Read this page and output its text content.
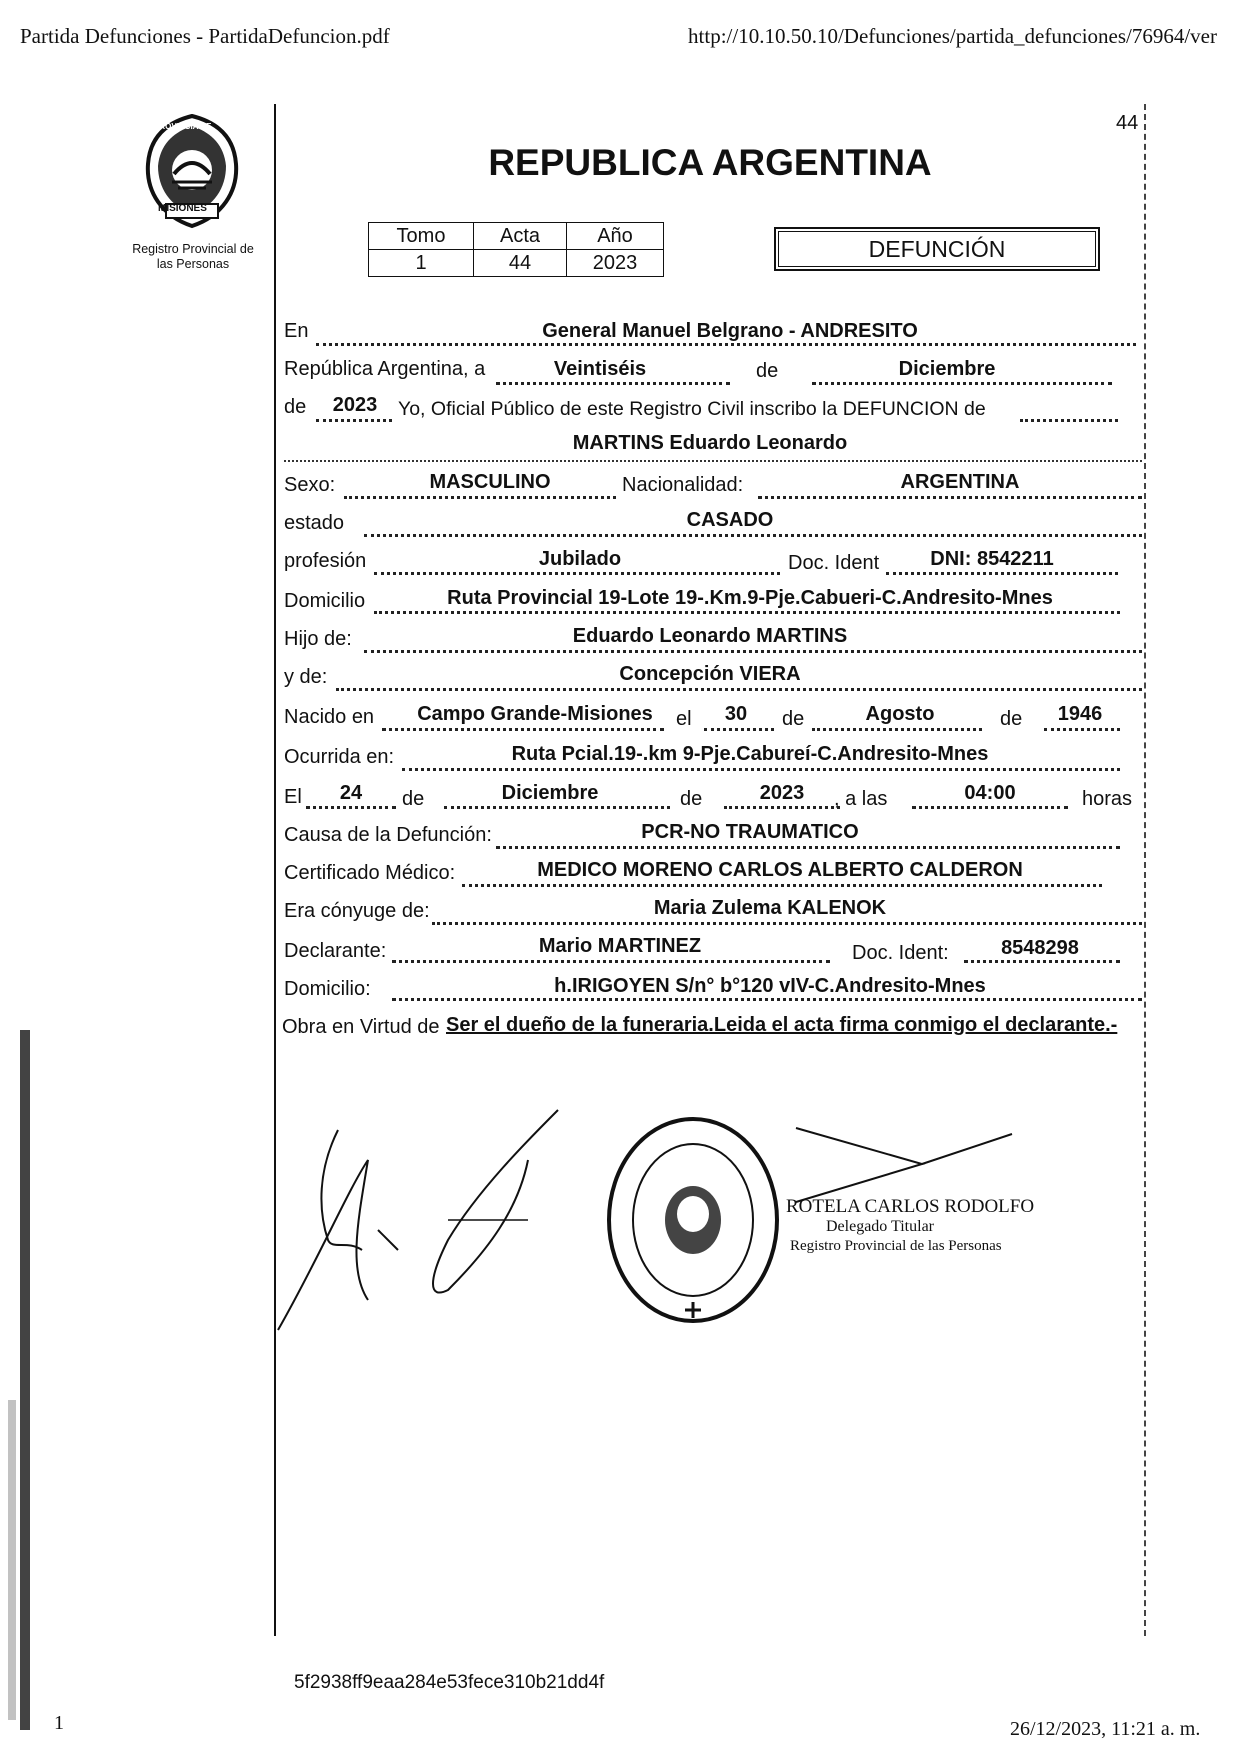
Partida Defunciones - PartidaDefuncion.pdf	http://10.10.50.10/Defunciones/partida_defunciones/76964/ver
44
PROVINCIA DE
MISIONES
Registro Provincial de
las Personas
REPUBLICA ARGENTINA
Tomo	Acta	Año
1	44	2023
DEFUNCIÓN
En	General Manuel Belgrano - ANDRESITO
República Argentina, a	Veintiséis	de	Diciembre
de	2023	Yo, Oficial Público de este Registro Civil inscribo la DEFUNCION de
MARTINS Eduardo Leonardo
Sexo:	MASCULINO	Nacionalidad:	ARGENTINA
estado	CASADO
profesión	Jubilado	Doc. Ident	DNI: 8542211
Domicilio	Ruta Provincial 19-Lote 19-.Km.9-Pje.Cabueri-C.Andresito-Mnes
Hijo de:	Eduardo Leonardo MARTINS
y de:	Concepción VIERA
Nacido en	Campo Grande-Misiones	el	30	de	Agosto	de	1946
Ocurrida en:	Ruta Pcial.19-.km 9-Pje.Cabureí-C.Andresito-Mnes
El	24	de	Diciembre	de	2023	, a las	04:00	horas
Causa de la Defunción:	PCR-NO TRAUMATICO
Certificado Médico:	MEDICO MORENO CARLOS ALBERTO CALDERON
Era cónyuge de:	Maria Zulema KALENOK
Declarante:	Mario MARTINEZ	Doc. Ident:	8548298
Domicilio:	h.IRIGOYEN S/n° b°120 vIV-C.Andresito-Mnes
Obra en Virtud de Ser el dueño de la funeraria.Leida el acta firma conmigo el declarante.-
ROTELA CARLOS RODOLFO
Delegado Titular
Registro Provincial de las Personas
5f2938ff9eaa284e53fece310b21dd4f
1	26/12/2023, 11:21 a. m.
